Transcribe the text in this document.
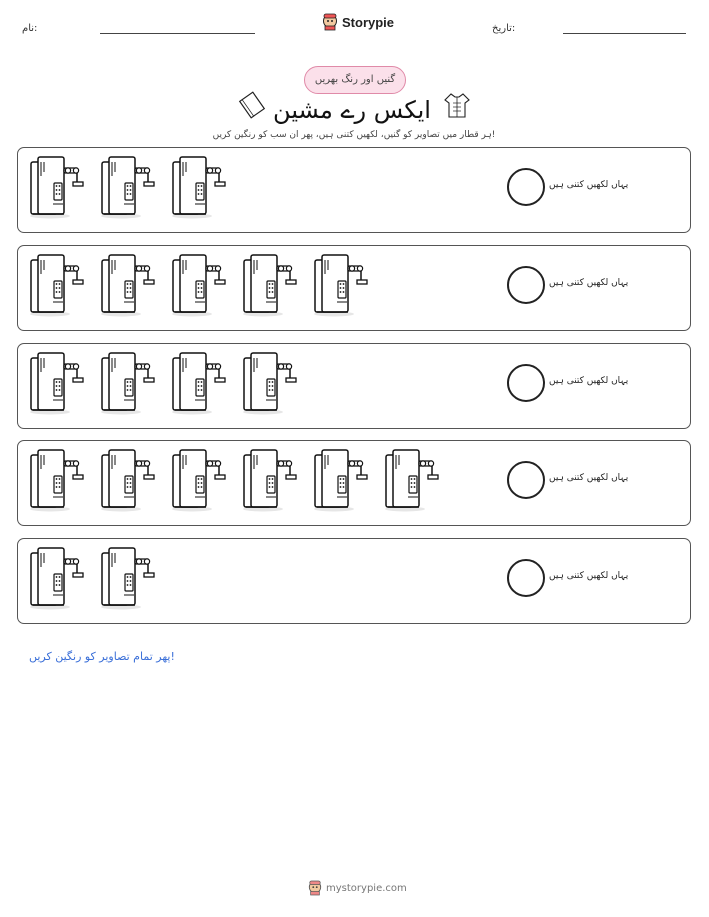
نام:	Storypie	تاریخ:
گنیں اور رنگ بھریں
ایکس رے مشین
ہر قطار میں تصاویر کو گنیں، لکھیں کتنی ہیں، پھر ان سب کو رنگین کریں!
یہاں لکھیں کتنی ہیں
یہاں لکھیں کتنی ہیں
یہاں لکھیں کتنی ہیں
یہاں لکھیں کتنی ہیں
یہاں لکھیں کتنی ہیں
پھر تمام تصاویر کو رنگین کریں!
mystorypie.com
